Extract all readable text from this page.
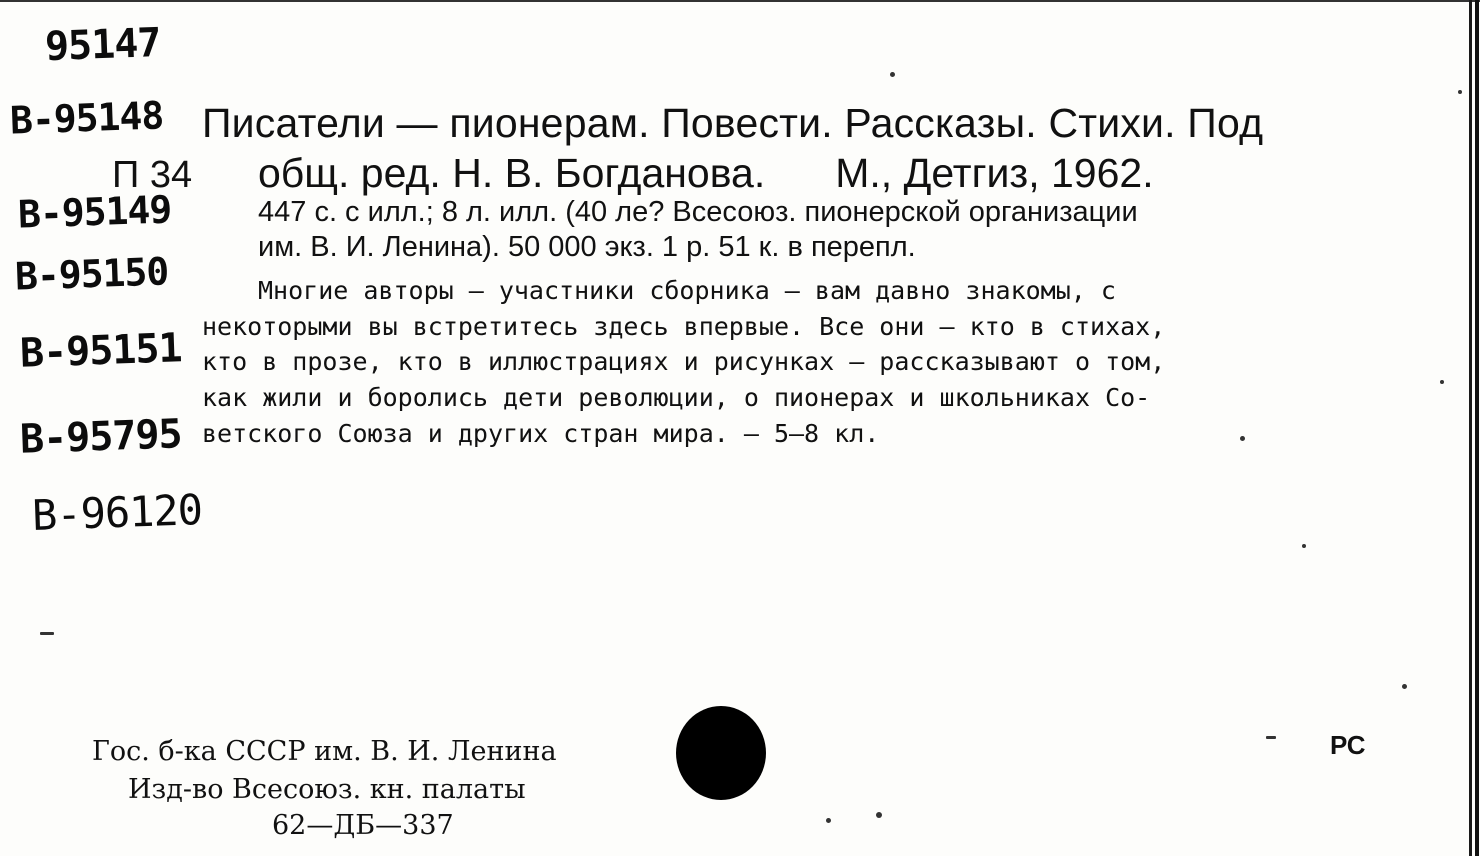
95147
B-95148
B-95149
B-95150
B-95151
B-95795
B-96120
П 34
Писатели — пионерам. Повести. Рассказы. Стихи. Под
общ. ред. Н. В. Богданова. М., Детгиз, 1962.
447 с. с илл.; 8 л. илл. (40 ле? Всесоюз. пионерской организации
им. В. И. Ленина). 50 000 экз. 1 р. 51 к. в перепл.
Многие авторы — участники сборника — вам давно знакомы, с
некоторыми вы встретитесь здесь впервые. Все они — кто в стихах,
кто в прозе, кто в иллюстрациях и рисунках — рассказывают о том,
как жили и боролись дети революции, о пионерах и школьниках Со-
ветского Союза и других стран мира. — 5—8 кл.
Гос. б-ка СССР им. В. И. Ленина
Изд-во Всесоюз. кн. палаты
62—ДБ—337
РС
